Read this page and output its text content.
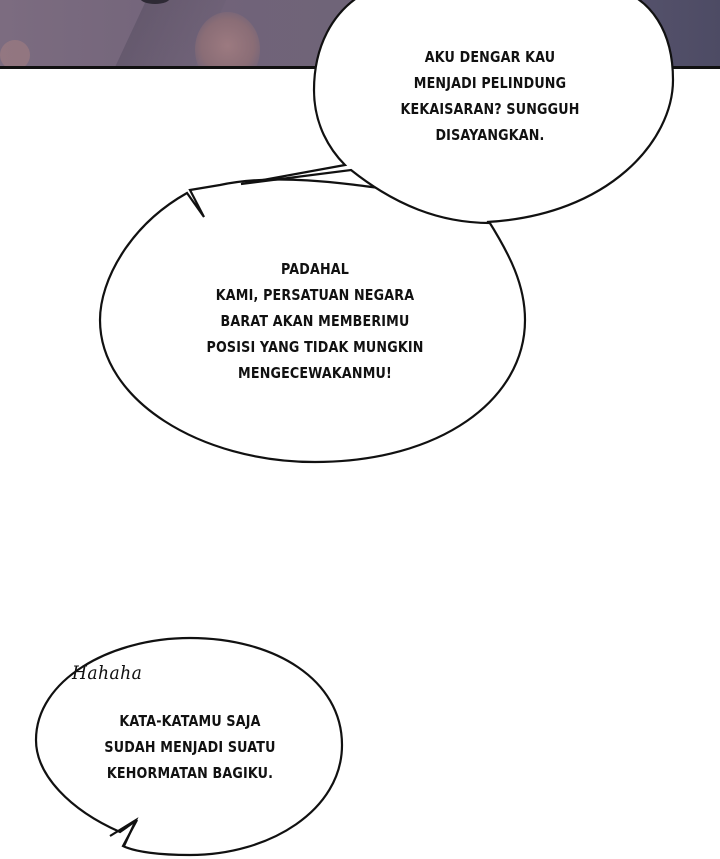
AKU DENGAR KAU
MENJADI PELINDUNG
KEKAISARAN? SUNGGUH
DISAYANGKAN.
PADAHAL
KAMI, PERSATUAN NEGARA
BARAT AKAN MEMBERIMU
POSISI YANG TIDAK MUNGKIN
MENGECEWAKANMU!
Hahaha
KATA-KATAMU SAJA
SUDAH MENJADI SUATU
KEHORMATAN BAGIKU.
